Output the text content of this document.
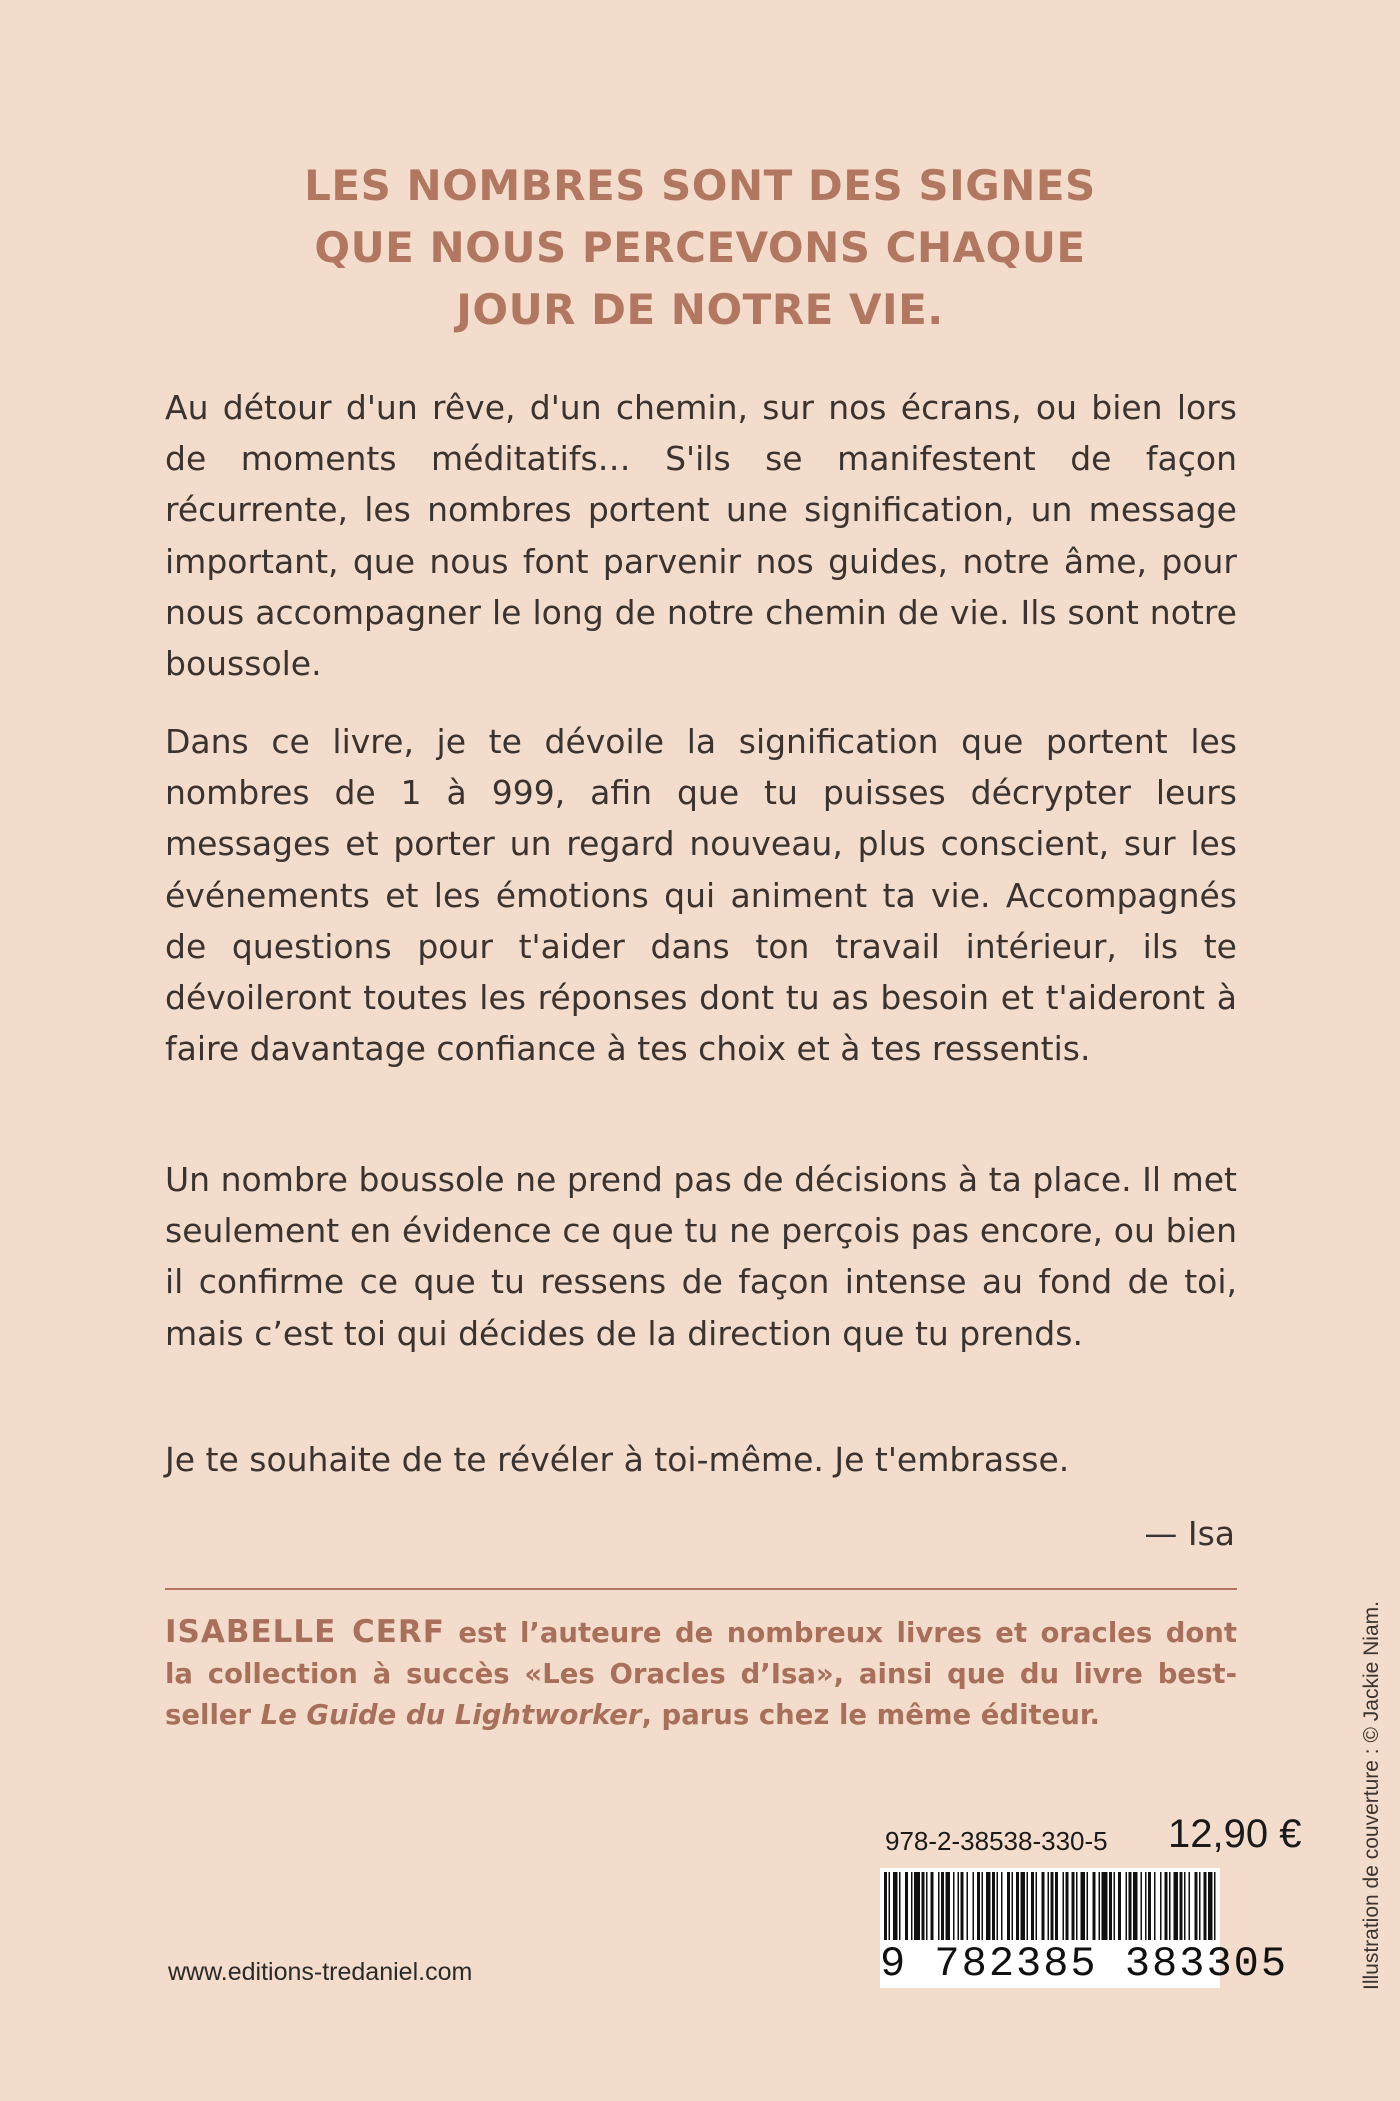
LES NOMBRES SONT DES SIGNES
QUE NOUS PERCEVONS CHAQUE
JOUR DE NOTRE VIE.

Au détour d'un rêve, d'un chemin, sur nos écrans, ou bien lors de moments méditatifs… S'ils se manifestent de façon récurrente, les nombres portent une signification, un message important, que nous font parvenir nos guides, notre âme, pour nous accompagner le long de notre chemin de vie. Ils sont notre boussole.

Dans ce livre, je te dévoile la signification que portent les nombres de 1 à 999, afin que tu puisses décrypter leurs messages et porter un regard nouveau, plus conscient, sur les événements et les émotions qui animent ta vie. Accompagnés de questions pour t'aider dans ton travail intérieur, ils te dévoileront toutes les réponses dont tu as besoin et t'aideront à faire davantage confiance à tes choix et à tes ressentis.

Un nombre boussole ne prend pas de décisions à ta place. Il met seulement en évidence ce que tu ne perçois pas encore, ou bien il confirme ce que tu ressens de façon intense au fond de toi, mais c’est toi qui décides de la direction que tu prends.

Je te souhaite de te révéler à toi-même. Je t'embrasse.

— Isa
ISABELLE CERF est l’auteure de nombreux livres et oracles dont la collection à succès «Les Oracles d’Isa», ainsi que du livre best-seller Le Guide du Lightworker, parus chez le même éditeur.
978-2-38538-330-5 12,90 €
9 782385 383305
www.editions-tredaniel.com	Illustration de couverture : © Jackie Niam.
